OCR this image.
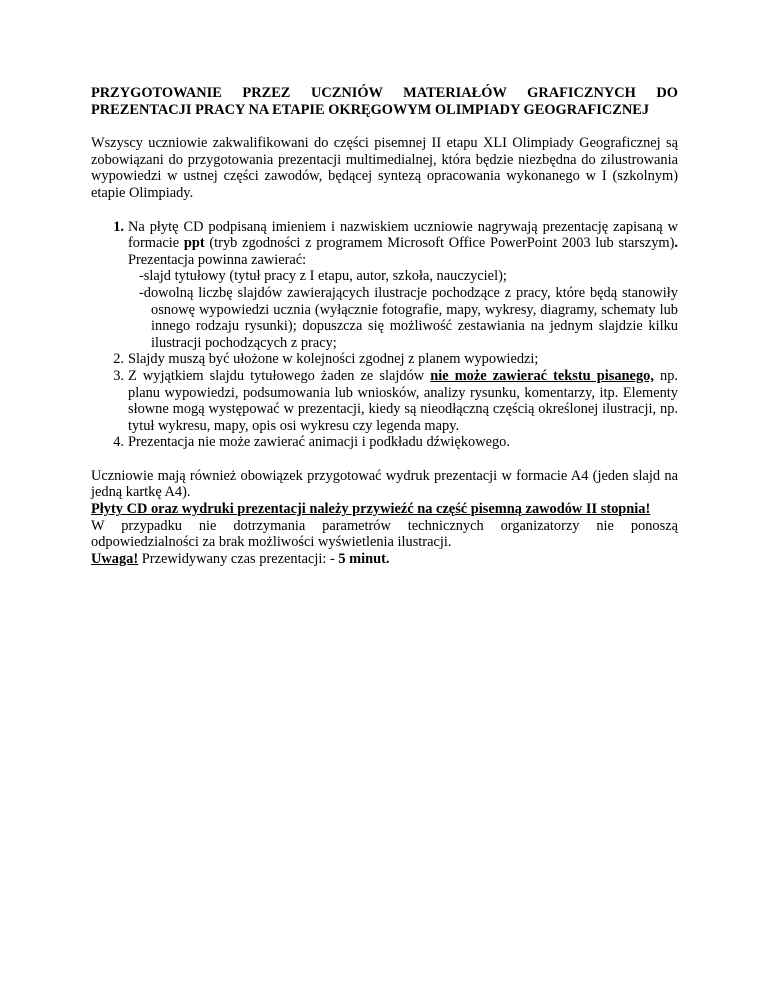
PRZYGOTOWANIE PRZEZ UCZNIÓW MATERIAŁÓW GRAFICZNYCH DO
PREZENTACJI PRACY NA ETAPIE OKRĘGOWYM OLIMPIADY GEOGRAFICZNEJ

Wszyscy uczniowie zakwalifikowani do części pisemnej II etapu XLI Olimpiady Geograficznej są zobowiązani do przygotowania prezentacji multimedialnej, która będzie niezbędna do zilustrowania wypowiedzi w ustnej części zawodów, będącej syntezą opracowania wykonanego w I (szkolnym) etapie Olimpiady.

1. Na płytę CD podpisaną imieniem i nazwiskiem uczniowie nagrywają prezentację zapisaną w formacie ppt (tryb zgodności z programem Microsoft Office PowerPoint 2003 lub starszym). Prezentacja powinna zawierać:
-slajd tytułowy (tytuł pracy z I etapu, autor, szkoła, nauczyciel);
-dowolną liczbę slajdów zawierających ilustracje pochodzące z pracy, które będą stanowiły osnowę wypowiedzi ucznia (wyłącznie fotografie, mapy, wykresy, diagramy, schematy lub innego rodzaju rysunki); dopuszcza się możliwość zestawiania na jednym slajdzie kilku ilustracji pochodzących z pracy;
2. Slajdy muszą być ułożone w kolejności zgodnej z planem wypowiedzi;
3. Z wyjątkiem slajdu tytułowego żaden ze slajdów nie może zawierać tekstu pisanego, np. planu wypowiedzi, podsumowania lub wniosków, analizy rysunku, komentarzy, itp. Elementy słowne mogą występować w prezentacji, kiedy są nieodłączną częścią określonej ilustracji, np. tytuł wykresu, mapy, opis osi wykresu czy legenda mapy.
4. Prezentacja nie może zawierać animacji i podkładu dźwiękowego.
Uczniowie mają również obowiązek przygotować wydruk prezentacji w formacie A4 (jeden slajd na jedną kartkę A4).
Płyty CD oraz wydruki prezentacji należy przywieźć na część pisemną zawodów II stopnia!
W przypadku nie dotrzymania parametrów technicznych organizatorzy nie ponoszą odpowiedzialności za brak możliwości wyświetlenia ilustracji.
Uwaga! Przewidywany czas prezentacji: - 5 minut.
